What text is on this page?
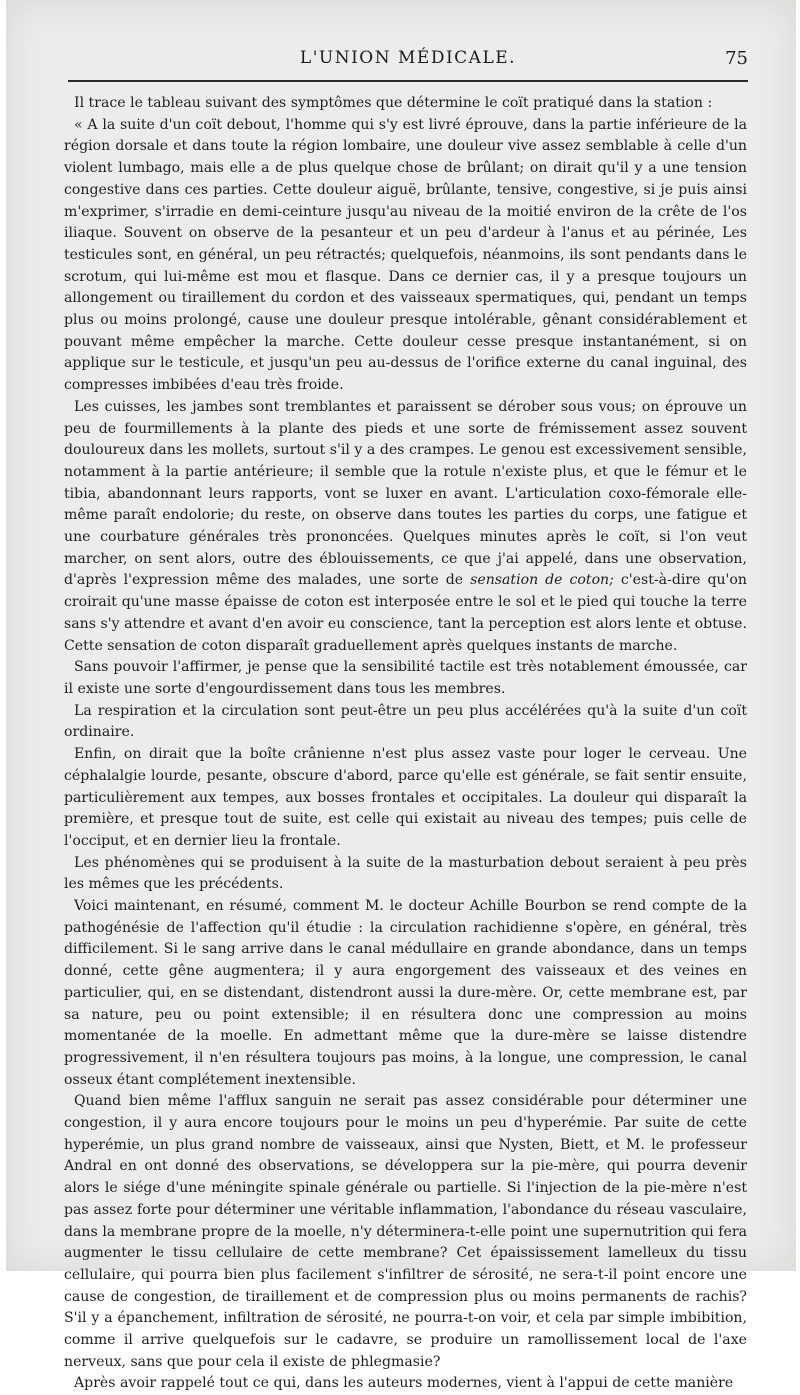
L'UNION MÉDICALE.	75

Il trace le tableau suivant des symptômes que détermine le coït pratiqué dans la station :

« A la suite d'un coït debout, l'homme qui s'y est livré éprouve, dans la partie inférieure de la région dorsale et dans toute la région lombaire, une douleur vive assez semblable à celle d'un violent lumbago, mais elle a de plus quelque chose de brûlant; on dirait qu'il y a une tension congestive dans ces parties. Cette douleur aiguë, brûlante, tensive, congestive, si je puis ainsi m'exprimer, s'irradie en demi-ceinture jusqu'au niveau de la moitié environ de la crête de l'os iliaque. Souvent on observe de la pesanteur et un peu d'ardeur à l'anus et au périnée, Les testicules sont, en général, un peu rétractés; quelquefois, néanmoins, ils sont pendants dans le scrotum, qui lui-même est mou et flasque. Dans ce dernier cas, il y a presque toujours un allongement ou tiraillement du cordon et des vaisseaux spermatiques, qui, pendant un temps plus ou moins prolongé, cause une douleur presque intolérable, gênant considérablement et pouvant même empêcher la marche. Cette douleur cesse presque instantanément, si on applique sur le testicule, et jusqu'un peu au-dessus de l'orifice externe du canal inguinal, des compresses imbibées d'eau très froide.

Les cuisses, les jambes sont tremblantes et paraissent se dérober sous vous; on éprouve un peu de fourmillements à la plante des pieds et une sorte de frémissement assez souvent douloureux dans les mollets, surtout s'il y a des crampes. Le genou est excessivement sensible, notamment à la partie antérieure; il semble que la rotule n'existe plus, et que le fémur et le tibia, abandonnant leurs rapports, vont se luxer en avant. L'articulation coxo-fémorale elle-même paraît endolorie; du reste, on observe dans toutes les parties du corps, une fatigue et une courbature générales très prononcées. Quelques minutes après le coït, si l'on veut marcher, on sent alors, outre des éblouissements, ce que j'ai appelé, dans une observation, d'après l'expression même des malades, une sorte de sensation de coton; c'est-à-dire qu'on croirait qu'une masse épaisse de coton est interposée entre le sol et le pied qui touche la terre sans s'y attendre et avant d'en avoir eu conscience, tant la perception est alors lente et obtuse. Cette sensation de coton disparaît graduellement après quelques instants de marche.

Sans pouvoir l'affirmer, je pense que la sensibilité tactile est très notablement émoussée, car il existe une sorte d'engourdissement dans tous les membres.

La respiration et la circulation sont peut-être un peu plus accélérées qu'à la suite d'un coït ordinaire.

Enfin, on dirait que la boîte crânienne n'est plus assez vaste pour loger le cerveau. Une céphalalgie lourde, pesante, obscure d'abord, parce qu'elle est générale, se fait sentir ensuite, particulièrement aux tempes, aux bosses frontales et occipitales. La douleur qui disparaît la première, et presque tout de suite, est celle qui existait au niveau des tempes; puis celle de l'occiput, et en dernier lieu la frontale.

Les phénomènes qui se produisent à la suite de la masturbation debout seraient à peu près les mêmes que les précédents.

Voici maintenant, en résumé, comment M. le docteur Achille Bourbon se rend compte de la pathogénésie de l'affection qu'il étudie : la circulation rachidienne s'opère, en général, très difficilement. Si le sang arrive dans le canal médullaire en grande abondance, dans un temps donné, cette gêne augmentera; il y aura engorgement des vaisseaux et des veines en particulier, qui, en se distendant, distendront aussi la dure-mère. Or, cette membrane est, par sa nature, peu ou point extensible; il en résultera donc une compression au moins momentanée de la moelle. En admettant même que la dure-mère se laisse distendre progressivement, il n'en résultera toujours pas moins, à la longue, une compression, le canal osseux étant complétement inextensible.

Quand bien même l'afflux sanguin ne serait pas assez considérable pour déterminer une congestion, il y aura encore toujours pour le moins un peu d'hyperémie. Par suite de cette hyperémie, un plus grand nombre de vaisseaux, ainsi que Nysten, Biett, et M. le professeur Andral en ont donné des observations, se développera sur la pie-mère, qui pourra devenir alors le siége d'une méningite spinale générale ou partielle. Si l'injection de la pie-mère n'est pas assez forte pour déterminer une véritable inflammation, l'abondance du réseau vasculaire, dans la membrane propre de la moelle, n'y déterminera-t-elle point une supernutrition qui fera augmenter le tissu cellulaire de cette membrane? Cet épaississement lamelleux du tissu cellulaire, qui pourra bien plus facilement s'infiltrer de sérosité, ne sera-t-il point encore une cause de congestion, de tiraillement et de compression plus ou moins permanents de rachis? S'il y a épanchement, infiltration de sérosité, ne pourra-t-on voir, et cela par simple imbibition, comme il arrive quelquefois sur le cadavre, se produire un ramollissement local de l'axe nerveux, sans que pour cela il existe de phlegmasie?

Après avoir rappelé tout ce qui, dans les auteurs modernes, vient à l'appui de cette manière
